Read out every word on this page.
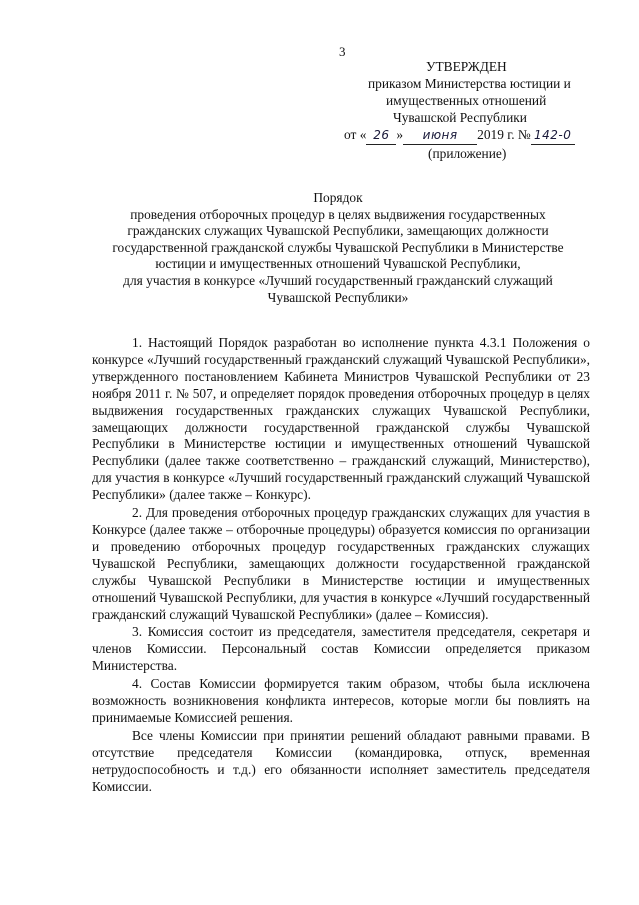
3
УТВЕРЖДЕН
приказом Министерства юстиции и
имущественных отношений
Чувашской Республики
от « 26 » июня 2019 г. № 142-0
(приложение)
Порядок
проведения отборочных процедур в целях выдвижения государственных
гражданских служащих Чувашской Республики, замещающих должности
государственной гражданской службы Чувашской Республики в Министерстве
юстиции и имущественных отношений Чувашской Республики,
для участия в конкурсе «Лучший государственный гражданский служащий
Чувашской Республики»

1. Настоящий Порядок разработан во исполнение пункта 4.3.1 Положения о конкурсе «Лучший государственный гражданский служащий Чувашской Республики», утвержденного постановлением Кабинета Министров Чувашской Республики от 23 ноября 2011 г. № 507, и определяет порядок проведения отборочных процедур в целях выдвижения государственных гражданских служащих Чувашской Республики, замещающих должности государственной гражданской службы Чувашской Республики в Министерстве юстиции и имущественных отношений Чувашской Республики (далее также соответственно – гражданский служащий, Министерство), для участия в конкурсе «Лучший государственный гражданский служащий Чувашской Республики» (далее также – Конкурс).

2. Для проведения отборочных процедур гражданских служащих для участия в Конкурсе (далее также – отборочные процедуры) образуется комиссия по организации и проведению отборочных процедур государственных гражданских служащих Чувашской Республики, замещающих должности государственной гражданской службы Чувашской Республики в Министерстве юстиции и имущественных отношений Чувашской Республики, для участия в конкурсе «Лучший государственный гражданский служащий Чувашской Республики» (далее – Комиссия).

3. Комиссия состоит из председателя, заместителя председателя, секретаря и членов Комиссии. Персональный состав Комиссии определяется приказом Министерства.

4. Состав Комиссии формируется таким образом, чтобы была исключена возможность возникновения конфликта интересов, которые могли бы повлиять на принимаемые Комиссией решения.

Все члены Комиссии при принятии решений обладают равными правами. В отсутствие председателя Комиссии (командировка, отпуск, временная нетрудоспособность и т.д.) его обязанности исполняет заместитель председателя Комиссии.
